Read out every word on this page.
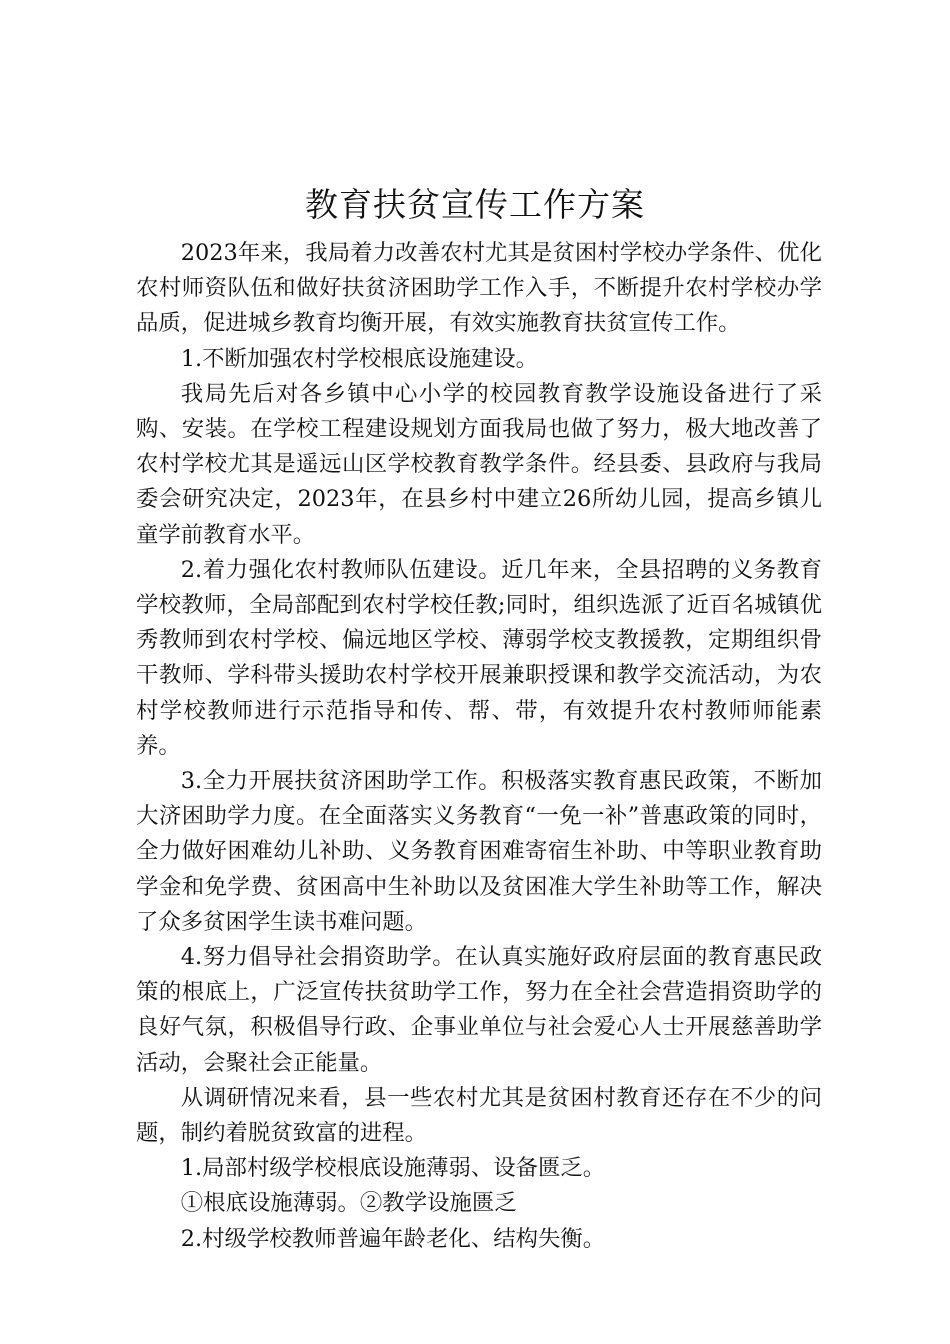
教育扶贫宣传工作方案

2023年来，我局着力改善农村尤其是贫困村学校办学条件、优化农村师资队伍和做好扶贫济困助学工作入手，不断提升农村学校办学品质，促进城乡教育均衡开展，有效实施教育扶贫宣传工作。

1.不断加强农村学校根底设施建设。

我局先后对各乡镇中心小学的校园教育教学设施设备进行了采购、安装。在学校工程建设规划方面我局也做了努力，极大地改善了农村学校尤其是遥远山区学校教育教学条件。经县委、县政府与我局委会研究决定，2023年，在县乡村中建立26所幼儿园，提高乡镇儿童学前教育水平。

2.着力强化农村教师队伍建设。近几年来，全县招聘的义务教育学校教师，全局部配到农村学校任教;同时，组织选派了近百名城镇优秀教师到农村学校、偏远地区学校、薄弱学校支教援教，定期组织骨干教师、学科带头援助农村学校开展兼职授课和教学交流活动，为农村学校教师进行示范指导和传、帮、带，有效提升农村教师师能素养。

3.全力开展扶贫济困助学工作。积极落实教育惠民政策，不断加大济困助学力度。在全面落实义务教育“一免一补”普惠政策的同时，全力做好困难幼儿补助、义务教育困难寄宿生补助、中等职业教育助学金和免学费、贫困高中生补助以及贫困准大学生补助等工作，解决了众多贫困学生读书难问题。

4.努力倡导社会捐资助学。在认真实施好政府层面的教育惠民政策的根底上，广泛宣传扶贫助学工作，努力在全社会营造捐资助学的良好气氛，积极倡导行政、企事业单位与社会爱心人士开展慈善助学活动，会聚社会正能量。

从调研情况来看，县一些农村尤其是贫困村教育还存在不少的问题，制约着脱贫致富的进程。

1.局部村级学校根底设施薄弱、设备匮乏。

①根底设施薄弱。②教学设施匮乏

2.村级学校教师普遍年龄老化、结构失衡。
